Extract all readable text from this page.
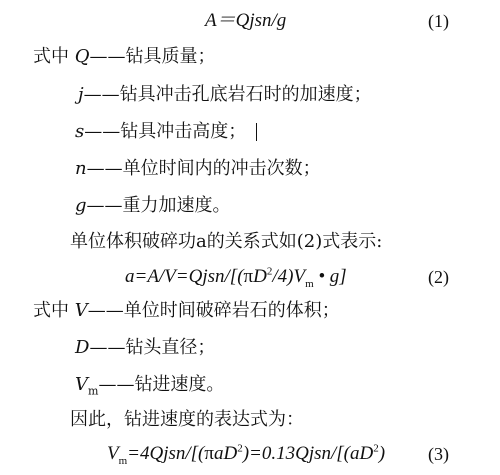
A＝Qjsn/g	(1)
式中 Q——钻具质量；
j——钻具冲击孔底岩石时的加速度；
s——钻具冲击高度；
n——单位时间内的冲击次数；
g——重力加速度。
单位体积破碎功a的关系式如(2)式表示:
$a=A/V=Qjsn/[(\pi D^2/4)V_m$ • g]	(2)
式中 V——单位时间破碎岩石的体积；
D——钻头直径；
$V_m——$钻进速度。
因此，钻进速度的表达式为：
$V_m=4Qjsn/[(\pi aD^2)=0.13Qjsn/[(aD^2)$ (3)
